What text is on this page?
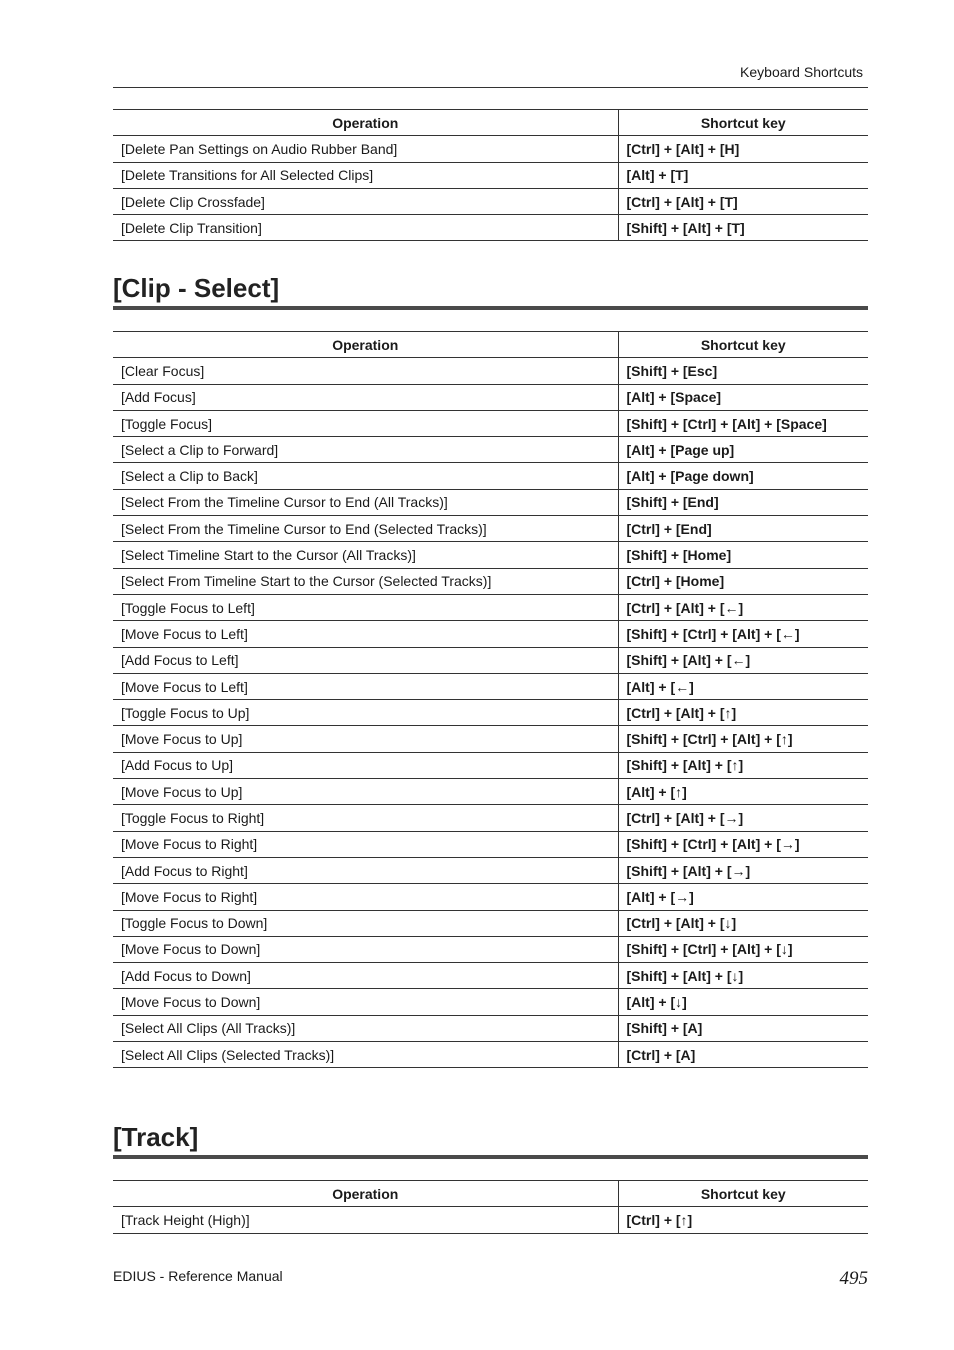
Keyboard Shortcuts
Operation	Shortcut key
[Delete Pan Settings on Audio Rubber Band]	[Ctrl] + [Alt] + [H]
[Delete Transitions for All Selected Clips]	[Alt] + [T]
[Delete Clip Crossfade]	[Ctrl] + [Alt] + [T]
[Delete Clip Transition]	[Shift] + [Alt] + [T]
[Clip - Select]
Operation	Shortcut key
[Clear Focus]	[Shift] + [Esc]
[Add Focus]	[Alt] + [Space]
[Toggle Focus]	[Shift] + [Ctrl] + [Alt] + [Space]
[Select a Clip to Forward]	[Alt] + [Page up]
[Select a Clip to Back]	[Alt] + [Page down]
[Select From the Timeline Cursor to End (All Tracks)]	[Shift] + [End]
[Select From the Timeline Cursor to End (Selected Tracks)]	[Ctrl] + [End]
[Select Timeline Start to the Cursor (All Tracks)]	[Shift] + [Home]
[Select From Timeline Start to the Cursor (Selected Tracks)]	[Ctrl] + [Home]
[Toggle Focus to Left]	[Ctrl] + [Alt] + [←]
[Move Focus to Left]	[Shift] + [Ctrl] + [Alt] + [←]
[Add Focus to Left]	[Shift] + [Alt] + [←]
[Move Focus to Left]	[Alt] + [←]
[Toggle Focus to Up]	[Ctrl] + [Alt] + [↑]
[Move Focus to Up]	[Shift] + [Ctrl] + [Alt] + [↑]
[Add Focus to Up]	[Shift] + [Alt] + [↑]
[Move Focus to Up]	[Alt] + [↑]
[Toggle Focus to Right]	[Ctrl] + [Alt] + [→]
[Move Focus to Right]	[Shift] + [Ctrl] + [Alt] + [→]
[Add Focus to Right]	[Shift] + [Alt] + [→]
[Move Focus to Right]	[Alt] + [→]
[Toggle Focus to Down]	[Ctrl] + [Alt] + [↓]
[Move Focus to Down]	[Shift] + [Ctrl] + [Alt] + [↓]
[Add Focus to Down]	[Shift] + [Alt] + [↓]
[Move Focus to Down]	[Alt] + [↓]
[Select All Clips (All Tracks)]	[Shift] + [A]
[Select All Clips (Selected Tracks)]	[Ctrl] + [A]
[Track]
Operation	Shortcut key
[Track Height (High)]	[Ctrl] + [↑]
EDIUS - Reference Manual	495
